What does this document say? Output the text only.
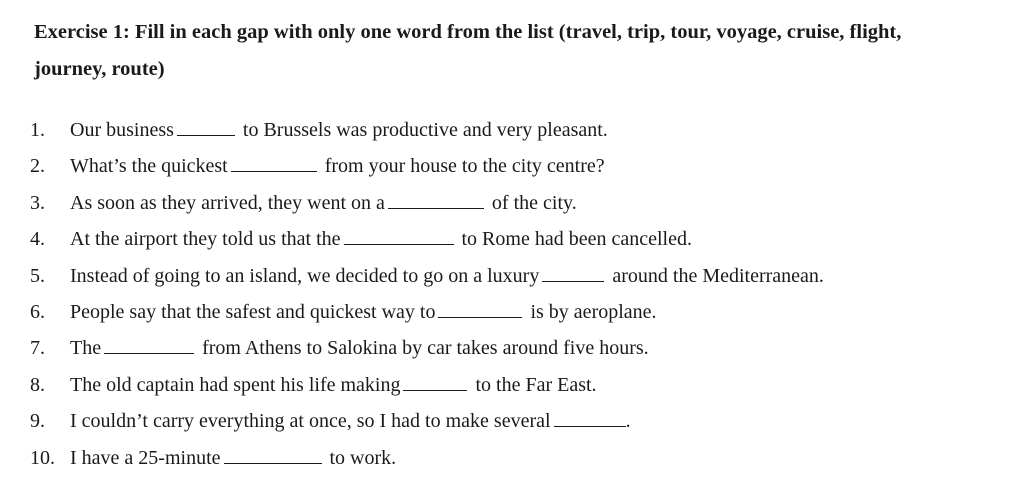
Exercise 1: Fill in each gap with only one word from the list (travel, trip, tour, voyage, cruise, flight,
journey, route)
1. Our business	to Brussels was productive and very pleasant.
2. What’s the quickest	from your house to the city centre?
3. As soon as they arrived, they went on a	of the city.
4. At the airport they told us that the	to Rome had been cancelled.
5. Instead of going to an island, we decided to go on a luxury	around the Mediterranean.
6. People say that the safest and quickest way to	is by aeroplane.
7. The	from Athens to Salokina by car takes around five hours.
8. The old captain had spent his life making	to the Far East.
9. I couldn’t carry everything at once, so I had to make several	.
10. I have a 25-minute	to work.
